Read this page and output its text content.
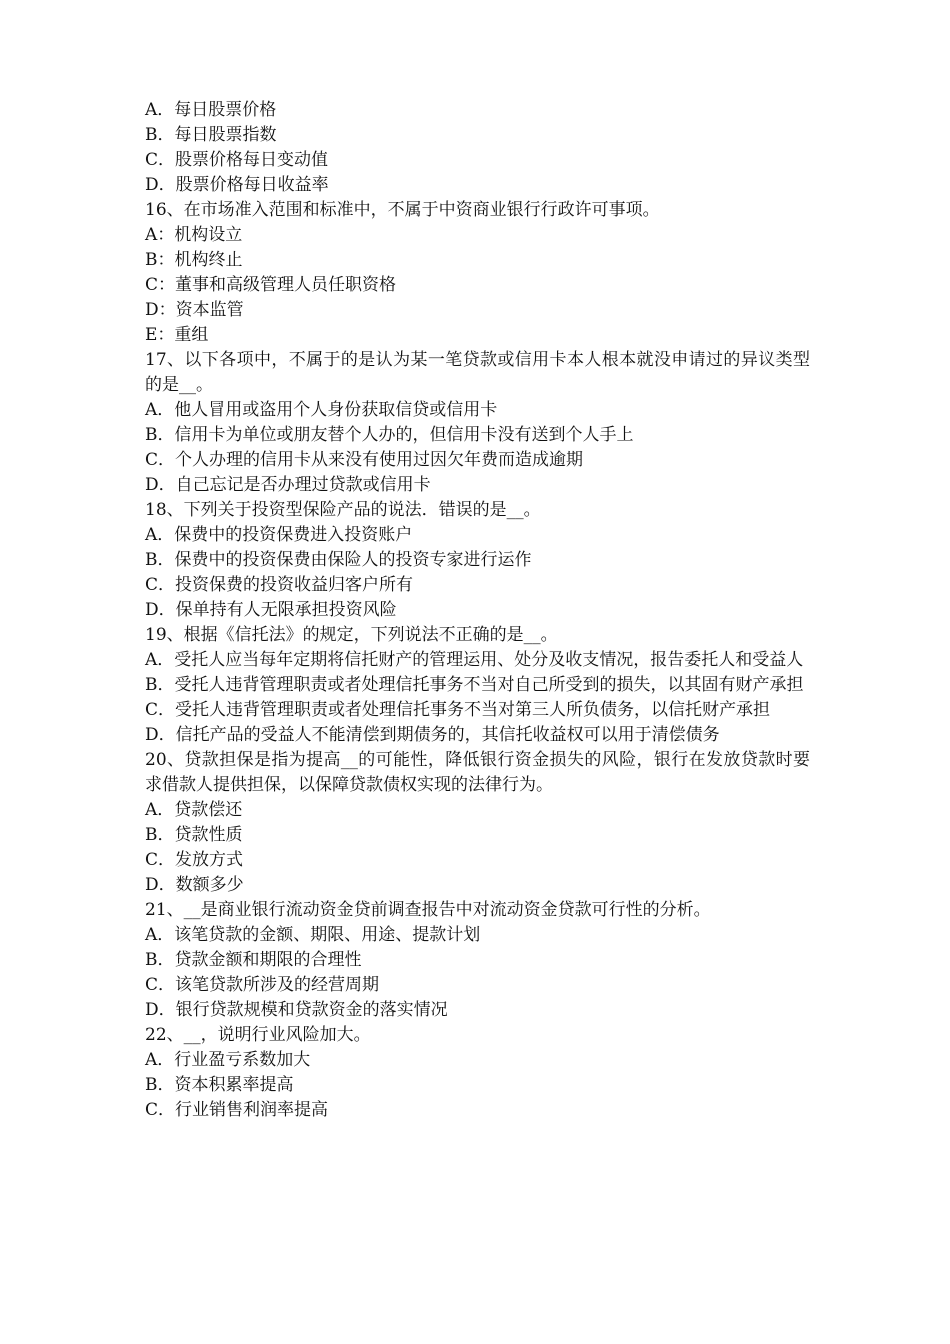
A．每日股票价格
B．每日股票指数
C．股票价格每日变动值
D．股票价格每日收益率
16、在市场准入范围和标准中，不属于中资商业银行行政许可事项。
A：机构设立
B：机构终止
C：董事和高级管理人员任职资格
D：资本监管
E：重组
17、以下各项中，不属于的是认为某一笔贷款或信用卡本人根本就没申请过的异议类型的是__。
A．他人冒用或盗用个人身份获取信贷或信用卡
B．信用卡为单位或朋友替个人办的，但信用卡没有送到个人手上
C．个人办理的信用卡从来没有使用过因欠年费而造成逾期
D．自己忘记是否办理过贷款或信用卡
18、下列关于投资型保险产品的说法．错误的是__。
A．保费中的投资保费进入投资账户
B．保费中的投资保费由保险人的投资专家进行运作
C．投资保费的投资收益归客户所有
D．保单持有人无限承担投资风险
19、根据《信托法》的规定，下列说法不正确的是__。
A．受托人应当每年定期将信托财产的管理运用、处分及收支情况，报告委托人和受益人
B．受托人违背管理职责或者处理信托事务不当对自己所受到的损失，以其固有财产承担
C．受托人违背管理职责或者处理信托事务不当对第三人所负债务，以信托财产承担
D．信托产品的受益人不能清偿到期债务的，其信托收益权可以用于清偿债务
20、贷款担保是指为提高__的可能性，降低银行资金损失的风险，银行在发放贷款时要求借款人提供担保，以保障贷款债权实现的法律行为。
A．贷款偿还
B．贷款性质
C．发放方式
D．数额多少
21、__是商业银行流动资金贷前调查报告中对流动资金贷款可行性的分析。
A．该笔贷款的金额、期限、用途、提款计划
B．贷款金额和期限的合理性
C．该笔贷款所涉及的经营周期
D．银行贷款规模和贷款资金的落实情况
22、__，说明行业风险加大。
A．行业盈亏系数加大
B．资本积累率提高
C．行业销售利润率提高
